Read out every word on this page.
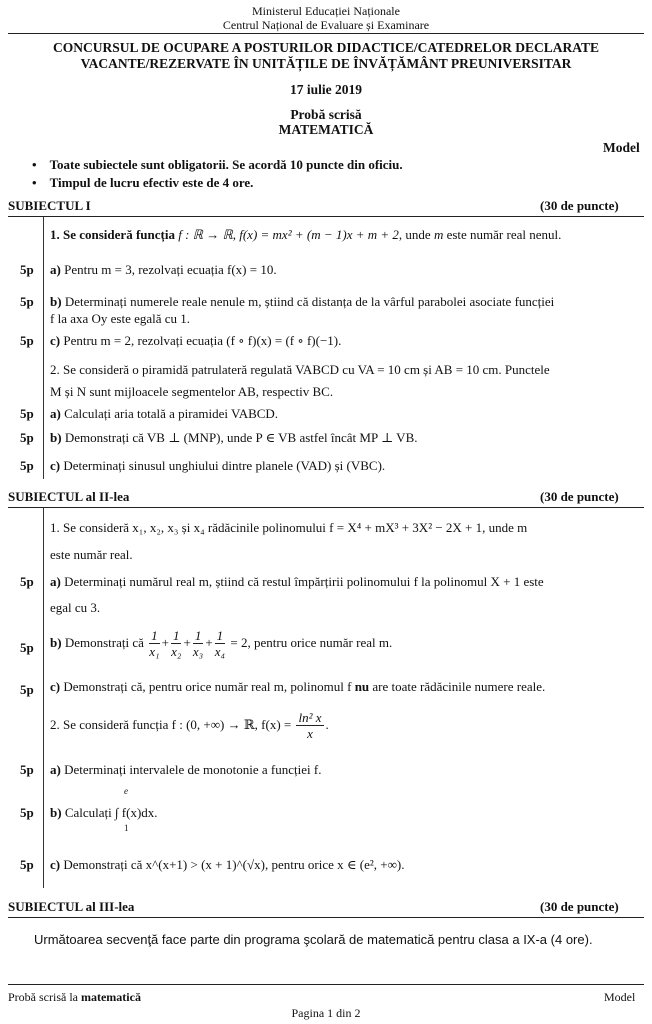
Ministerul Educației Naționale
Centrul Național de Evaluare și Examinare
CONCURSUL DE OCUPARE A POSTURILOR DIDACTICE/CATEDRELOR DECLARATE
VACANTE/REZERVATE ÎN UNITĂȚILE DE ÎNVĂȚĂMÂNT PREUNIVERSITAR
17 iulie 2019
Probă scrisă
MATEMATICĂ
Model
•    Toate subiectele sunt obligatorii. Se acordă 10 puncte din oficiu.
•    Timpul de lucru efectiv este de 4 ore.
SUBIECTUL I	(30 de puncte)
1. Se consideră funcția f : ℝ → ℝ, f(x) = mx² + (m − 1)x + m + 2, unde m este număr real nenul.
5p a) Pentru m = 3, rezolvați ecuația f(x) = 10.
5p b) Determinați numerele reale nenule m, știind că distanța de la vârful parabolei asociate funcției
f la axa Oy este egală cu 1.
5p c) Pentru m = 2, rezolvați ecuația (f ∘ f)(x) = (f ∘ f)(−1).
2. Se consideră o piramidă patrulateră regulată VABCD cu VA = 10 cm și AB = 10 cm. Punctele
M și N sunt mijloacele segmentelor AB, respectiv BC.
5p a) Calculați aria totală a piramidei VABCD.
5p b) Demonstrați că VB ⊥ (MNP), unde P ∈ VB astfel încât MP ⊥ VB.
5p c) Determinați sinusul unghiului dintre planele (VAD) și (VBC).
SUBIECTUL al II-lea	(30 de puncte)
1. Se consideră x₁, x₂, x₃ și x₄ rădăcinile polinomului f = X⁴ + mX³ + 3X² − 2X + 1, unde m
este număr real.
5p a) Determinați numărul real m, știind că restul împărțirii polinomului f la polinomul X + 1 este
egal cu 3.
5p b) Demonstrați că $\frac{1}{\text{x₁}} + \frac{1}{\text{x₂}} + \frac{1}{\text{x₃}} + \frac{1}{\text{x₄}} = 2$, pentru orice număr real m.
5p c) Demonstrați că, pentru orice număr real m, polinomul f nu are toate rădăcinile numere reale.
2. Se consideră funcția f : (0, +∞) → ℝ, $f(x) = \frac{\text{ln² x}}{x}$ .
5p a) Determinați intervalele de monotonie a funcției f.
5p
e
1
b) Calculați ∫ f(x)dx.
5p c) Demonstrați că x^(x+1) > (x + 1)^(√x), pentru orice x ∈ (e², +∞).
SUBIECTUL al III-lea	(30 de puncte)
Următoarea secvenţă face parte din programa şcolară de matematică pentru clasa a IX-a (4 ore).
Probă scrisă la matematică	Model
Pagina 1 din 2
